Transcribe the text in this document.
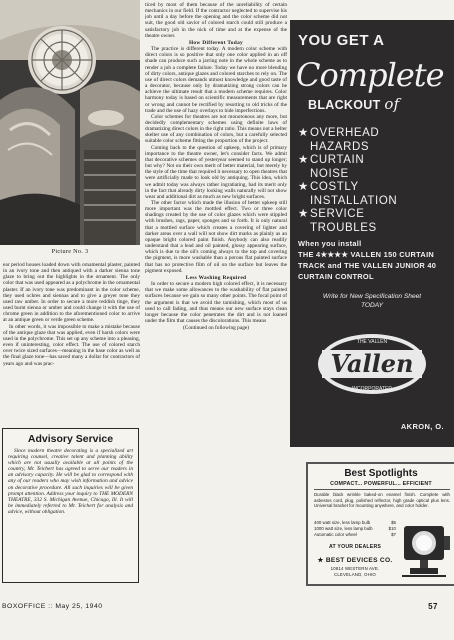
Picture No. 3

ear period houses loaded down with ornamental plaster, painted in an ivory tone and then antiqued with a darker sienna tone glaze to bring out the highlights in the ornament. The only color that was used appeared as a polychrome in the ornamental plaster. If an ivory tone was predominant in the color scheme, they used ochres and siennas and to give a greyer tone they used raw umber. In order to secure a more reddish tinge, they used burnt sienna or umber and could change it with the use of chrome green in addition to the aforementioned color to arrive at an antique green or verde green scheme.

In other words, it was impossible to make a mistake because of the antique glaze that was applied, even if harsh colors were used in the polychrome. This set up any scheme into a pleasing, even if uninteresting, color effect. The use of colored starch over twice sized surfaces—meaning in the base color as well as the final glaze tone—has saved many a dollar for contractors of years ago and was prac-

Advisory Service

Since modern theatre decorating is a specialized art requiring counsel, creative talent and planning ability which are not usually available at all points of the country, Mr. Teichert has agreed to serve our readers in an advisory capacity. He will be glad to correspond with any of our readers who may wish information and advice on decorative procedure. All such inquiries will be given prompt attention. Address your inquiry to THE MODERN THEATRE, 332 S. Michigan Avenue, Chicago, Ill. It will be immediately referred to Mr. Teichert for analysis and advice, without obligation.

ticed by most of them because of the unreliability of certain mechanics in our field. If the contractor neglected to supervise his job until a day before the opening and the color scheme did not suit, the good old savior of colored starch could still produce a satisfactory job in the nick of time and at the expense of the theatre owner.

How Different Today

The practice is different today. A modern color scheme with direct colors is so positive that only one color applied in an off shade can produce such a jarring note in the whole scheme as to render a job a complete failure. Today we have no more blending of dirty colors, antique glazes and colored starches to rely on. The use of direct colors demands utmost knowledge and good taste of a decorator, because only by dramatizing strong colors can he achieve the ultimate result that a modern scheme requires. Color harmony today is based on scientific measurements that are right or wrong and cannot be rectified by resorting to old tricks of the trade and the use of hazy overlays to hide imperfections.

Color schemes for theatres are not monotonous any more, but decidedly complementary schemes using definite laws of dramatizing direct colors in the right ratio. This means not a helter skelter use of any combination of colors, but a carefully selected suitable color scheme fitting the proportion of the project.

Coming back to the question of upkeep, which is of primary importance to the theatre owner, let's consider facts. We admit that decorative schemes of yesteryear seemed to stand up longer; but why? Not on their own merit of better material, but merely by the style of the time that required it necessary to open theatres that were artificially made to look old by antiquing. This idea, which we admit today was always rather ingratiating, had its merit only in the fact that already dirty looking walls naturally will not show wear and additional dirt as much as new bright surfaces.

The other factor which made the illusion of better upkeep still more important was the mottled effect. Two or three color shadings created by the use of color glazes which were stippled with brushes, rags, paper, sponges and so forth. It is only natural that a mottled surface which creates a covering of lighter and darker areas over a wall will not show dirt marks as plainly as an opaque bright colored paint finish. Anybody can also readily understand that a lead and oil painted, glossy appearing surface, which is due to the oil's coming always to the top and covering the pigment, is more washable than a porous flat painted surface that has no protective film of oil on the surface but leaves the pigment exposed.

Less Washing Required

In order to secure a modern high colored effect, it is necessary that we make some allowances to the washability of flat painted surfaces because we gain so many other points. The focal point of the argument is that we avoid the tarnishing, which most of us used to call fading, and thus means our new surface stays clean longer because the color penetrates the dirt and is not loaned under the film that causes the discolorations. This means

(Continued on following page)
YOU GET A
Complete
BLACKOUT of
★OVERHEAD
HAZARDS
★CURTAIN
NOISE
★COSTLY
INSTALLATION
★SERVICE
TROUBLES
When you install
THE 4★★★★ VALLEN 150 CURTAIN TRACK and THE VALLEN JUNIOR 40 CURTAIN CONTROL
Write for New Specification Sheet
TODAY
Vallen
THE VALLEN
INCORPORATED
AKRON, O.
Best Spotlights
COMPACT... POWERFUL... EFFICIENT
Durable black wrinkle baked-on enamel finish. Complete with asbestos cord, plug, polished reflector, high grade optical plus lens. Universal bracket for mounting anywhere, and color holder.
400 watt size, less lamp bulb	$5
1000 watt size, less lamp bulb	$10
Automatic color wheel	$7
AT YOUR DEALERS
★ BEST DEVICES CO.
10814 WESTERN AVE.
CLEVELAND, OHIO
BOXOFFICE :: May 25, 1940	57
